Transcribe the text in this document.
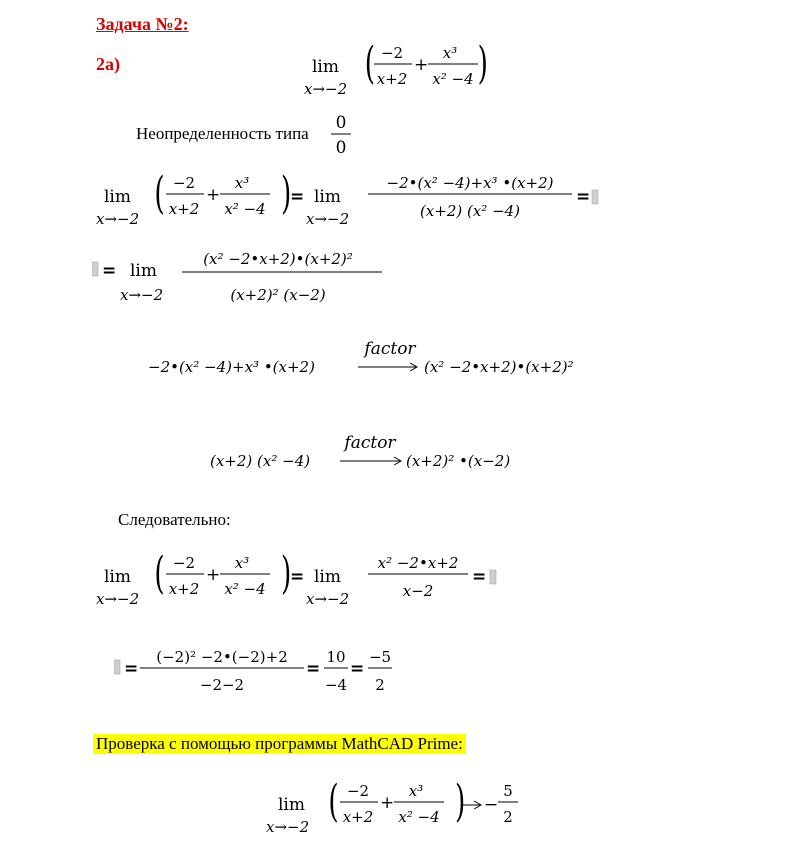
Задача №2:
2а)	lim
x→−2
( −2
x+2
+
x³
x² −4 )
Неопределенность типа
0
0
lim
x→−2
( −2
x+2
+
x³
x² −4 )
= lim
x→−2
−2•(x² −4)+x³ •(x+2)
(x+2) (x² −4)
=
= lim
x→−2
(x² −2•x+2)•(x+2)²
(x+2)² (x−2)
−2•(x² −4)+x³ •(x+2)
factor
(x² −2•x+2)•(x+2)²
(x+2) (x² −4)
factor
(x+2)² •(x−2)
Следовательно:
lim
x→−2
( −2
x+2
+
x³
x² −4 )
= lim
x→−2
x² −2•x+2
x−2
=
=
(−2)² −2•(−2)+2
−2−2
=
10
−4
=
−5
2
Проверка с помощью программы MathCAD Prime:
lim
x→−2
( −2
x+2
+
x³
x² −4 ) −
5
2
